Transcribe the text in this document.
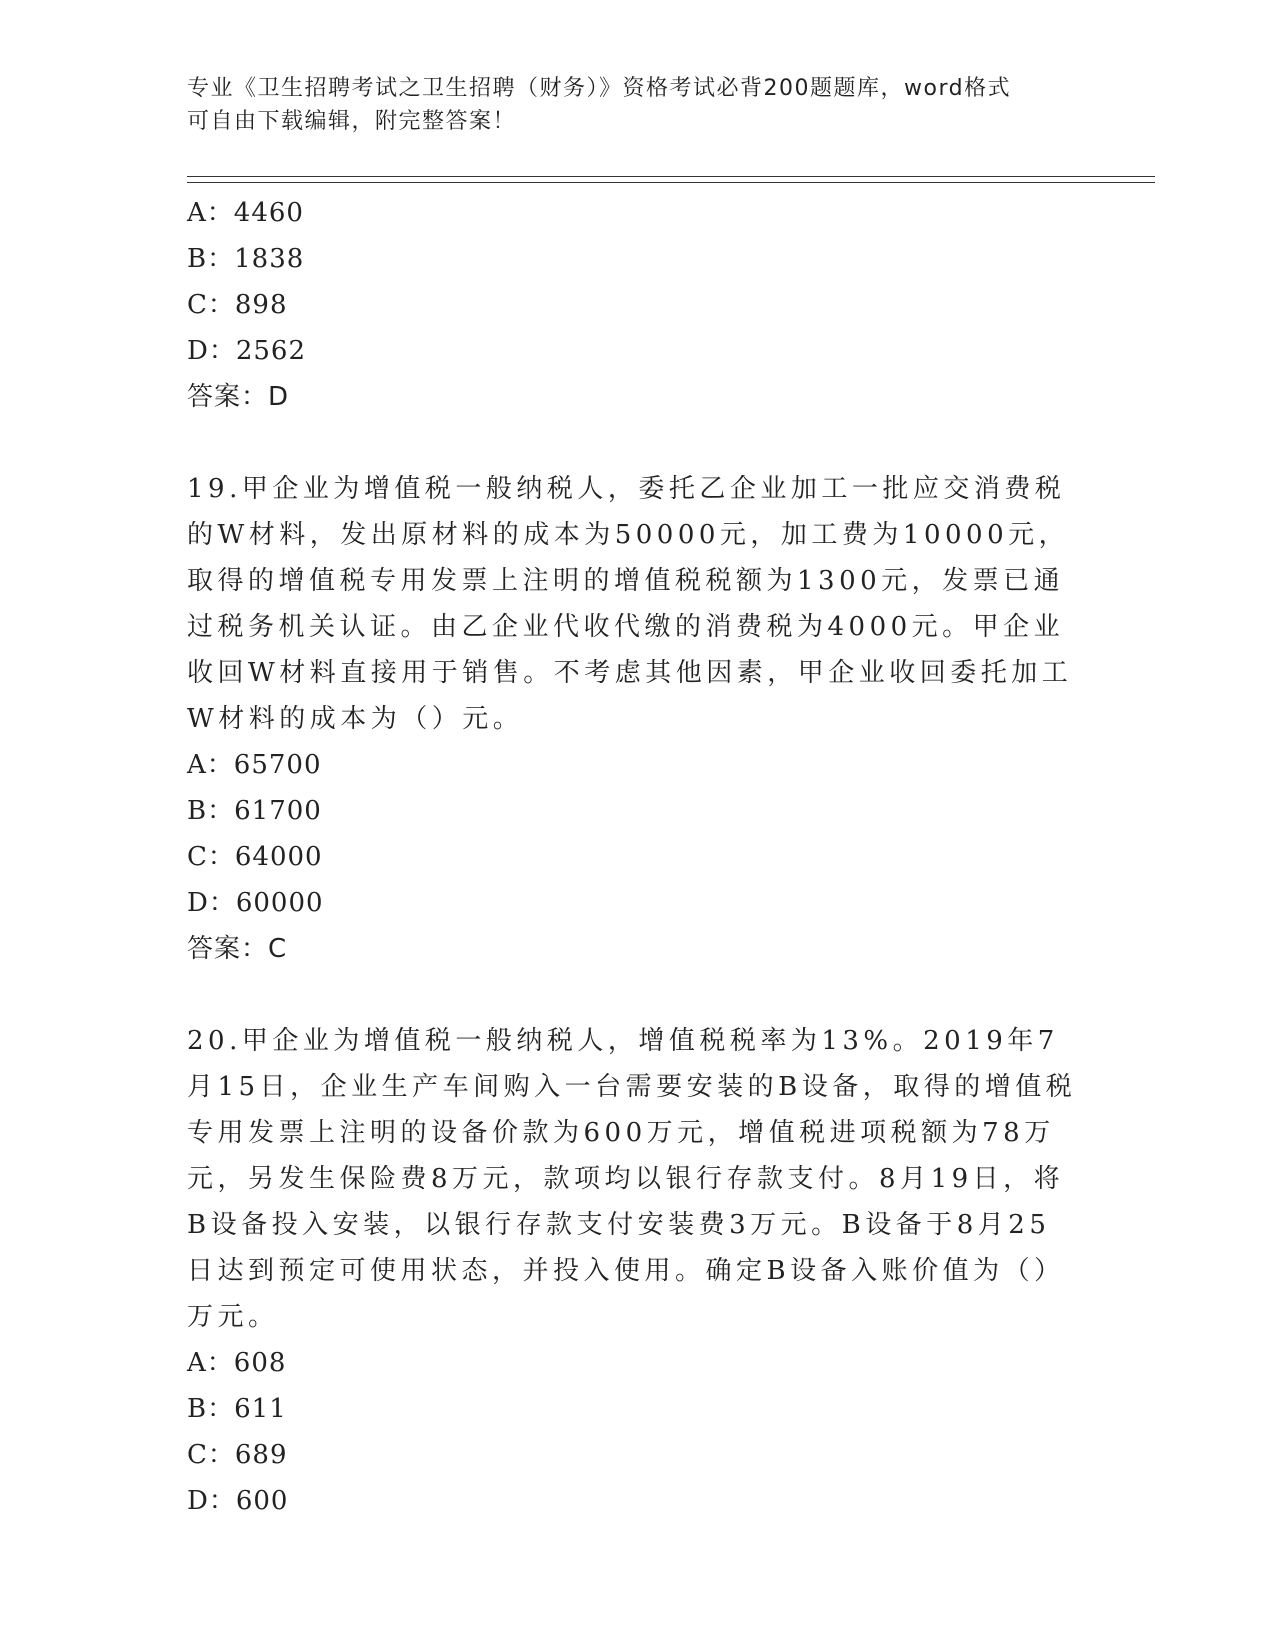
专业《卫生招聘考试之卫生招聘（财务）》资格考试必背200题题库，word格式
可自由下载编辑，附完整答案！
A：4460
B：1838
C：898
D：2562
答案：D
19.甲企业为增值税一般纳税人，委托乙企业加工一批应交消费税的W材料，发出原材料的成本为50000元，加工费为10000元，取得的增值税专用发票上注明的增值税税额为1300元，发票已通过税务机关认证。由乙企业代收代缴的消费税为4000元。甲企业收回W材料直接用于销售。不考虑其他因素，甲企业收回委托加工W材料的成本为（）元。
A：65700
B：61700
C：64000
D：60000
答案：C
20.甲企业为增值税一般纳税人，增值税税率为13%。2019年7月15日，企业生产车间购入一台需要安装的B设备，取得的增值税专用发票上注明的设备价款为600万元，增值税进项税额为78万元，另发生保险费8万元，款项均以银行存款支付。8月19日，将B设备投入安装，以银行存款支付安装费3万元。B设备于8月25日达到预定可使用状态，并投入使用。确定B设备入账价值为（）万元。
A：608
B：611
C：689
D：600
